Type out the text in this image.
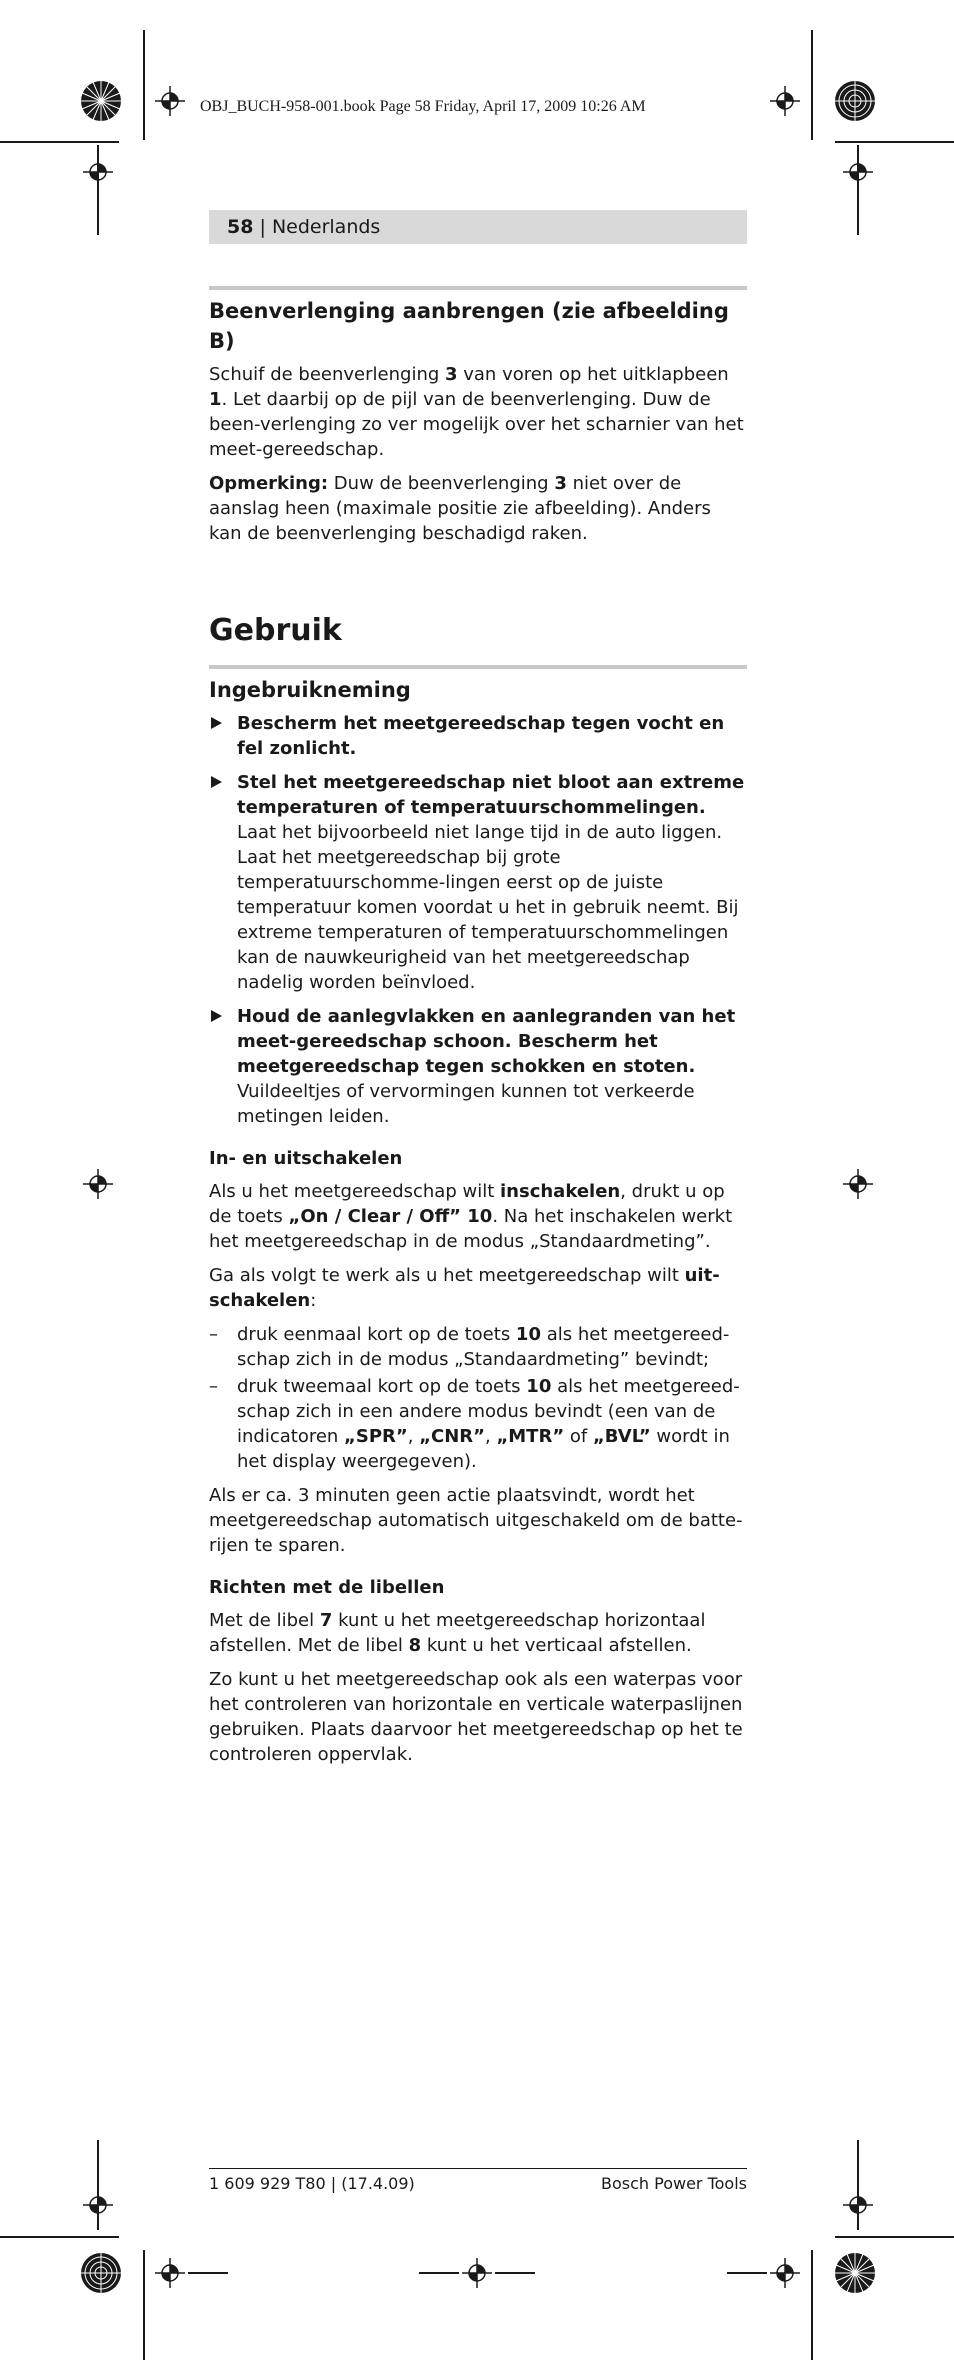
OBJ_BUCH-958-001.book Page 58 Friday, April 17, 2009 10:26 AM
58 | Nederlands
Beenverlenging aanbrengen (zie afbeelding B)

Schuif de beenverlenging 3 van voren op het uitklapbeen 1. Let daarbij op de pijl van de beenverlenging. Duw de been-verlenging zo ver mogelijk over het scharnier van het meet-gereedschap.

Opmerking: Duw de beenverlenging 3 niet over de aanslag heen (maximale positie zie afbeelding). Anders kan de beenverlenging beschadigd raken.

Gebruik
Ingebruikneming
Bescherm het meetgereedschap tegen vocht en fel zonlicht.
Stel het meetgereedschap niet bloot aan extreme temperaturen of temperatuurschommelingen. Laat het bijvoorbeeld niet lange tijd in de auto liggen. Laat het meetgereedschap bij grote temperatuurschomme-lingen eerst op de juiste temperatuur komen voordat u het in gebruik neemt. Bij extreme temperaturen of temperatuurschommelingen kan de nauwkeurigheid van het meetgereedschap nadelig worden beïnvloed.
Houd de aanlegvlakken en aanlegranden van het meet-gereedschap schoon. Bescherm het meetgereedschap tegen schokken en stoten. Vuildeeltjes of vervormingen kunnen tot verkeerde metingen leiden.
In- en uitschakelen

Als u het meetgereedschap wilt inschakelen, drukt u op de toets „On / Clear / Off” 10. Na het inschakelen werkt het meetgereedschap in de modus „Standaardmeting”.

Ga als volgt te werk als u het meetgereedschap wilt uit-schakelen:

– druk eenmaal kort op de toets 10 als het meetgereed-schap zich in de modus „Standaardmeting” bevindt;
– druk tweemaal kort op de toets 10 als het meetgereed-schap zich in een andere modus bevindt (een van de indicatoren „SPR”, „CNR”, „MTR” of „BVL” wordt in het display weergegeven).

Als er ca. 3 minuten geen actie plaatsvindt, wordt het meetgereedschap automatisch uitgeschakeld om de batte-rijen te sparen.

Richten met de libellen

Met de libel 7 kunt u het meetgereedschap horizontaal afstellen. Met de libel 8 kunt u het verticaal afstellen.

Zo kunt u het meetgereedschap ook als een waterpas voor het controleren van horizontale en verticale waterpaslijnen gebruiken. Plaats daarvoor het meetgereedschap op het te controleren oppervlak.

1 609 929 T80 | (17.4.09)	Bosch Power Tools
